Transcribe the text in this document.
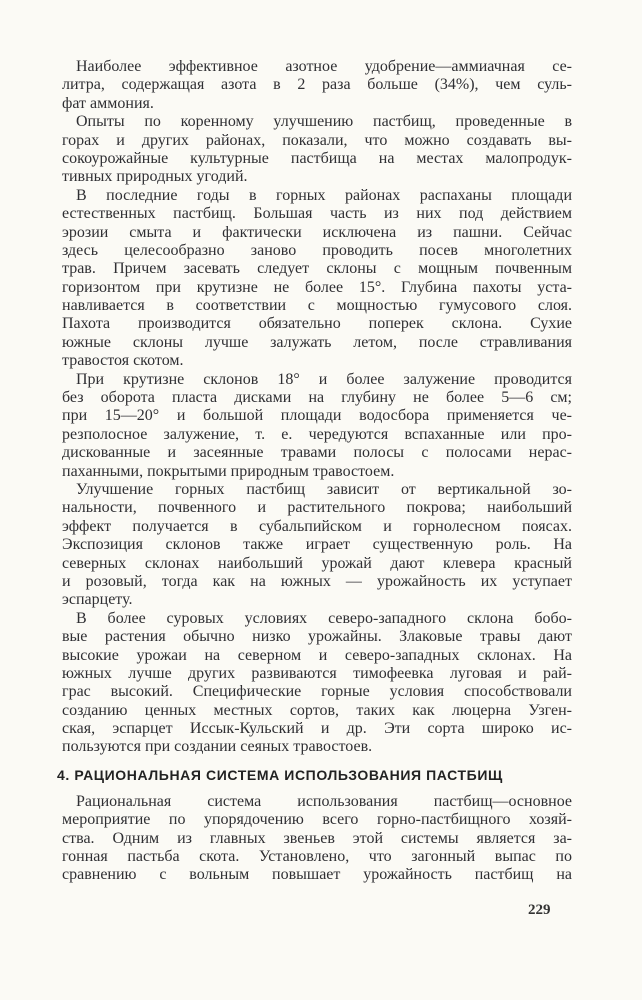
Наиболее эффективное азотное удобрение—аммиачная се-
литра, содержащая азота в 2 раза больше (34%), чем суль-
фат аммония.
Опыты по коренному улучшению пастбищ, проведенные в
горах и других районах, показали, что можно создавать вы-
сокоурожайные культурные пастбища на местах малопродук-
тивных природных угодий.
В последние годы в горных районах распаханы площади
естественных пастбищ. Большая часть из них под действием
эрозии смыта и фактически исключена из пашни. Сейчас
здесь целесообразно заново проводить посев многолетних
трав. Причем засевать следует склоны с мощным почвенным
горизонтом при крутизне не более 15°. Глубина пахоты уста-
навливается в соответствии с мощностью гумусового слоя.
Пахота производится обязательно поперек склона. Сухие
южные склоны лучше залужать летом, после стравливания
травостоя скотом.
При крутизне склонов 18° и более залужение проводится
без оборота пласта дисками на глубину не более 5—6 см;
при 15—20° и большой площади водосбора применяется че-
резполосное залужение, т. е. чередуются вспаханные или про-
дискованные и засеянные травами полосы с полосами нерас-
паханными, покрытыми природным травостоем.
Улучшение горных пастбищ зависит от вертикальной зо-
нальности, почвенного и растительного покрова; наибольший
эффект получается в субальпийском и горнолесном поясах.
Экспозиция склонов также играет существенную роль. На
северных склонах наибольший урожай дают клевера красный
и розовый, тогда как на южных — урожайность их уступает
эспарцету.
В более суровых условиях северо-западного склона бобо-
вые растения обычно низко урожайны. Злаковые травы дают
высокие урожаи на северном и северо-западных склонах. На
южных лучше других развиваются тимофеевка луговая и рай-
грас высокий. Специфические горные условия способствовали
созданию ценных местных сортов, таких как люцерна Узген-
ская, эспарцет Иссык-Кульский и др. Эти сорта широко ис-
пользуются при создании сеяных травостоев.
4. РАЦИОНАЛЬНАЯ СИСТЕМА ИСПОЛЬЗОВАНИЯ ПАСТБИЩ
Рациональная система использования пастбищ—основное
мероприятие по упорядочению всего горно-пастбищного хозяй-
ства. Одним из главных звеньев этой системы является за-
гонная пастьба скота. Установлено, что загонный выпас по
сравнению с вольным повышает урожайность пастбищ на
229
